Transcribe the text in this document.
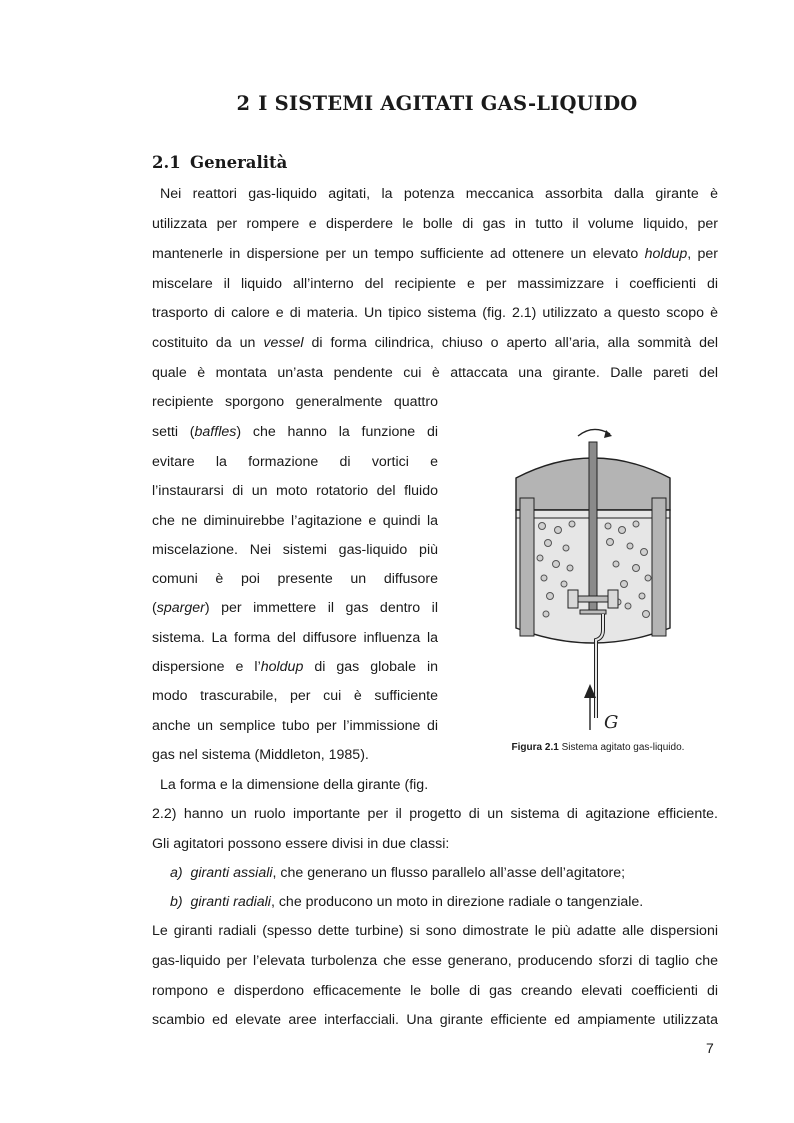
2 I SISTEMI AGITATI GAS-LIQUIDO
2.1 Generalità
Nei reattori gas-liquido agitati, la potenza meccanica assorbita dalla girante è
utilizzata per rompere e disperdere le bolle di gas in tutto il volume liquido, per
mantenerle in dispersione per un tempo sufficiente ad ottenere un elevato holdup, per
miscelare il liquido all’interno del recipiente e per massimizzare i coefficienti di
trasporto di calore e di materia. Un tipico sistema (fig. 2.1) utilizzato a questo scopo è
costituito da un vessel di forma cilindrica, chiuso o aperto all’aria, alla sommità del
quale è montata un’asta pendente cui è attaccata una girante. Dalle pareti del
recipiente sporgono generalmente quattro
setti (baffles) che hanno la funzione di
evitare la formazione di vortici e
l’instaurarsi di un moto rotatorio del fluido
che ne diminuirebbe l’agitazione e quindi la
miscelazione. Nei sistemi gas-liquido più
comuni è poi presente un diffusore
(sparger) per immettere il gas dentro il
sistema. La forma del diffusore influenza la
dispersione e l’holdup di gas globale in
modo trascurabile, per cui è sufficiente
anche un semplice tubo per l’immissione di
gas nel sistema (Middleton, 1985).
La forma e la dimensione della girante (fig.
2.2) hanno un ruolo importante per il progetto di un sistema di agitazione efficiente.
Gli agitatori possono essere divisi in due classi:
a) giranti assiali, che generano un flusso parallelo all’asse dell’agitatore;
b) giranti radiali, che producono un moto in direzione radiale o tangenziale.
Le giranti radiali (spesso dette turbine) si sono dimostrate le più adatte alle dispersioni
gas-liquido per l’elevata turbolenza che esse generano, producendo sforzi di taglio che
rompono e disperdono efficacemente le bolle di gas creando elevati coefficienti di
scambio ed elevate aree interfacciali. Una girante efficiente ed ampiamente utilizzata
G
Figura 2.1 Sistema agitato gas-liquido.
7
